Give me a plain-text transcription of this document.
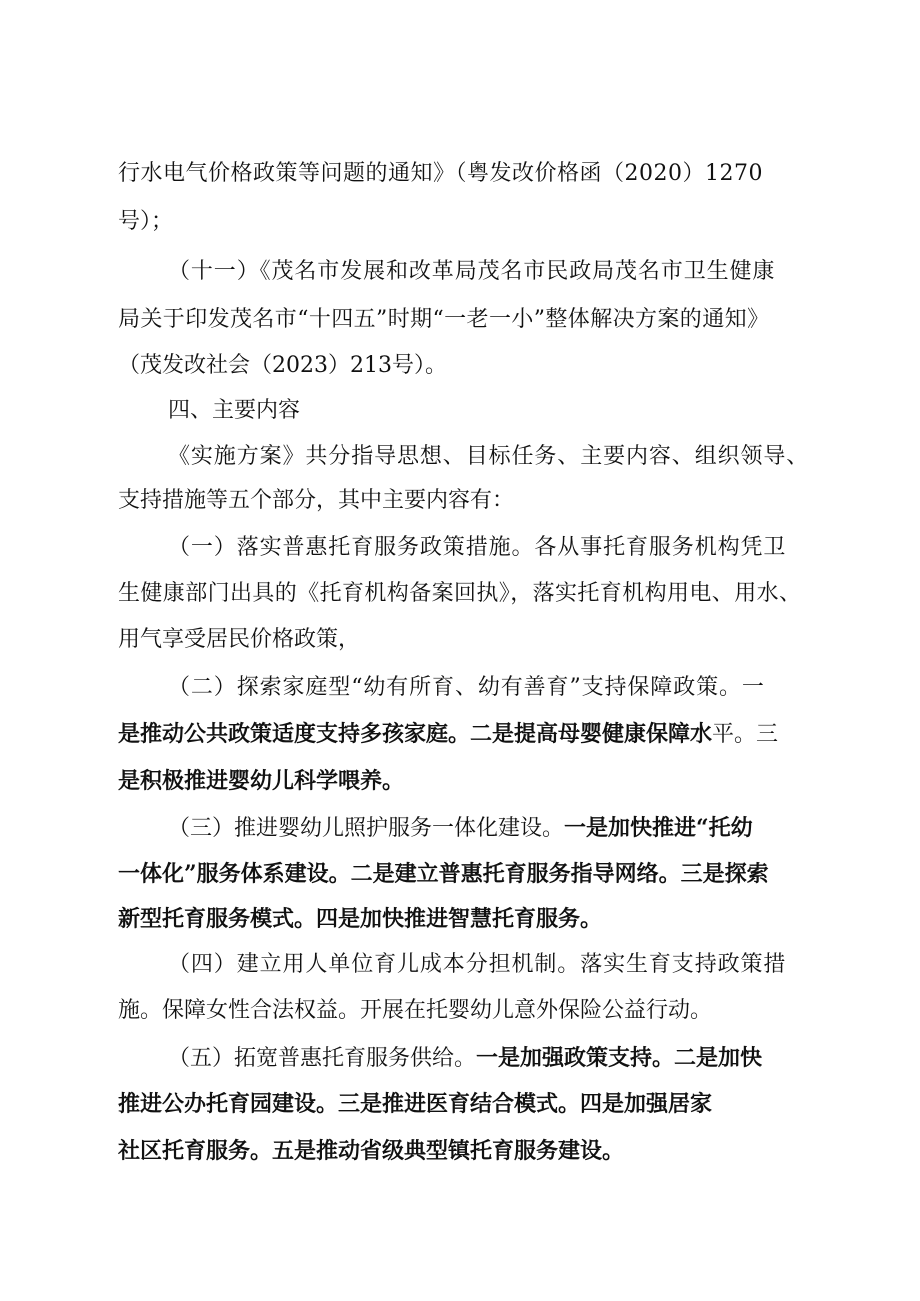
行水电气价格政策等问题的通知》（粤发改价格函（2020）1270
号）；
（十一）《茂名市发展和改革局茂名市民政局茂名市卫生健康
局关于印发茂名市“十四五”时期“一老一小”整体解决方案的通知》
（茂发改社会（2023）213号）。
四、主要内容
《实施方案》共分指导思想、目标任务、主要内容、组织领导、
支持措施等五个部分，其中主要内容有：
（一）落实普惠托育服务政策措施。各从事托育服务机构凭卫
生健康部门出具的《托育机构备案回执》，落实托育机构用电、用水、
用气享受居民价格政策，
（二）探索家庭型“幼有所育、幼有善育”支持保障政策。一
是推动公共政策适度支持多孩家庭。二是提高母婴健康保障水平。三
是积极推进婴幼儿科学喂养。
（三）推进婴幼儿照护服务一体化建设。一是加快推进“托幼
一体化”服务体系建设。二是建立普惠托育服务指导网络。三是探索
新型托育服务模式。四是加快推进智慧托育服务。
（四）建立用人单位育儿成本分担机制。落实生育支持政策措
施。保障女性合法权益。开展在托婴幼儿意外保险公益行动。
（五）拓宽普惠托育服务供给。一是加强政策支持。二是加快
推进公办托育园建设。三是推进医育结合模式。四是加强居家
社区托育服务。五是推动省级典型镇托育服务建设。
